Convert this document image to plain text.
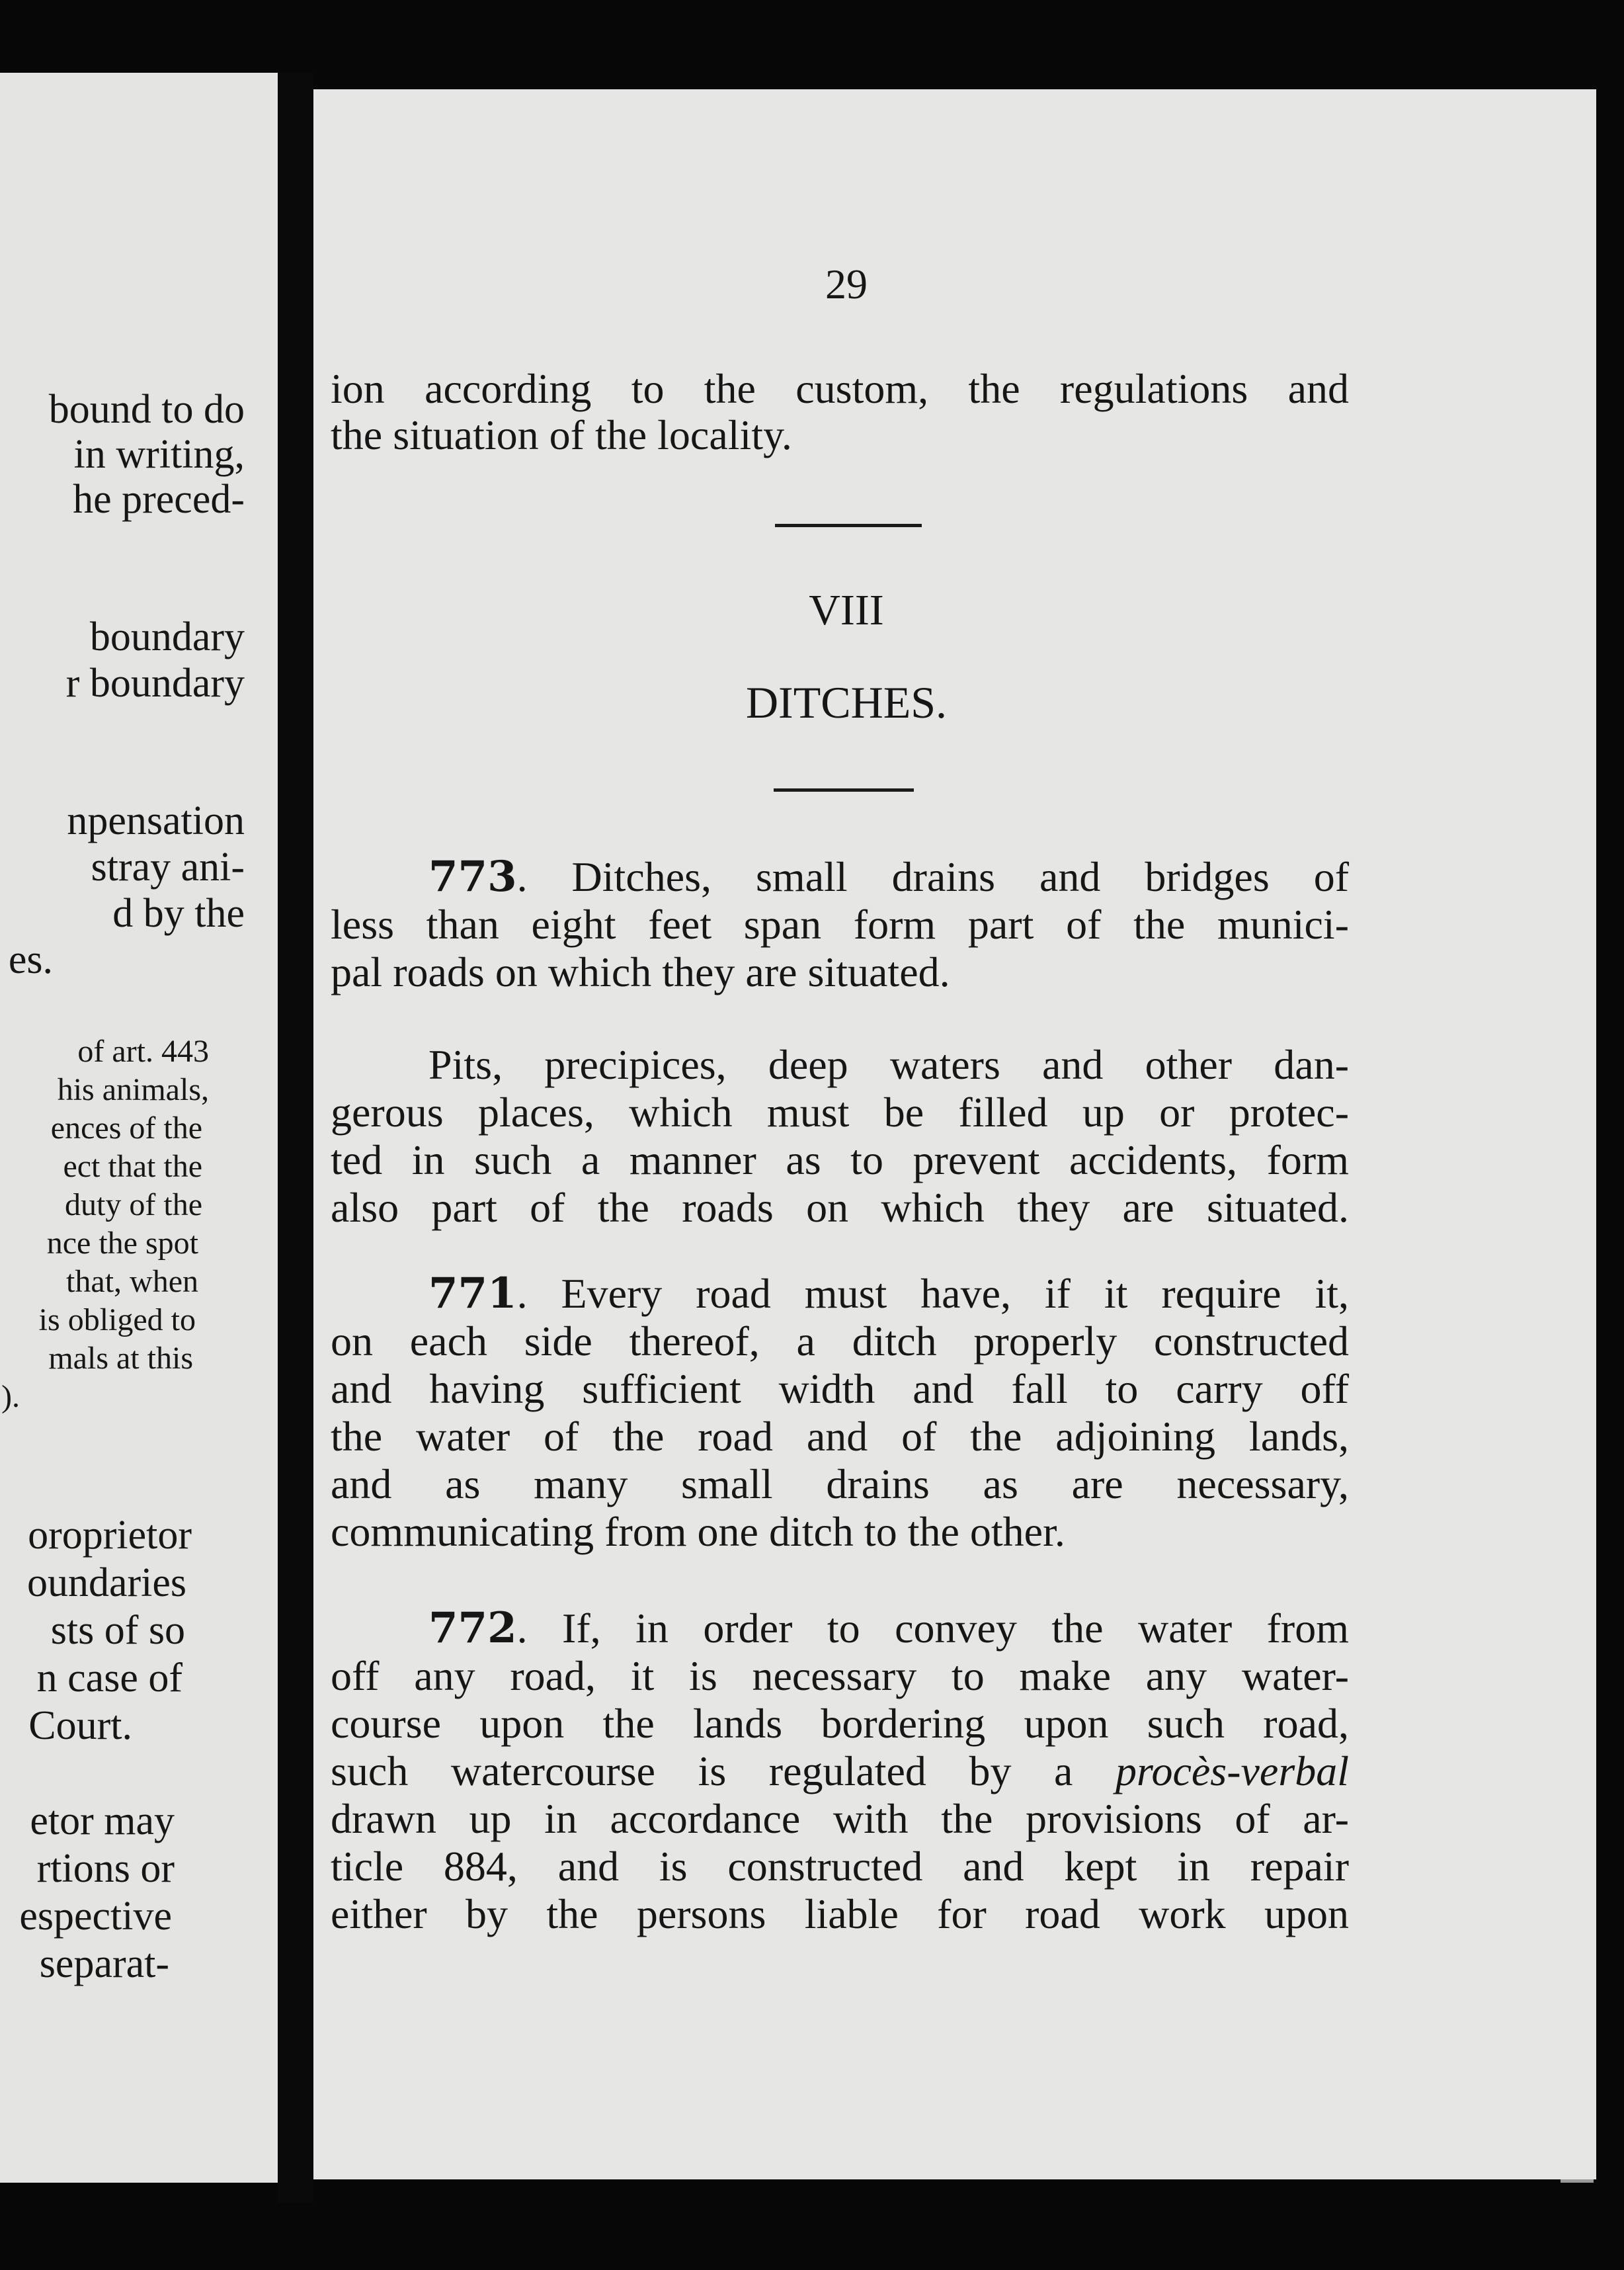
bound to do
in writing,
he preced-
boundary
r boundary
npensation
stray ani-
d by the
es.
of art. 443
his animals,
ences of the
ect that the
duty of the
nce the spot
that, when
is obliged to
mals at this
).
oroprietor
oundaries
sts of so
n case of
Court.
etor may
rtions or
espective
separat-
29
ion according to the custom, the regulations and
the situation of the locality.
VIII
DITCHES.
773. Ditches, small drains and bridges of
less than eight feet span form part of the munici-
pal roads on which they are situated.
Pits, precipices, deep waters and other dan-
gerous places, which must be filled up or protec-
ted in such a manner as to prevent accidents, form
also part of the roads on which they are situated.
771. Every road must have, if it require it,
on each side thereof, a ditch properly constructed
and having sufficient width and fall to carry off
the water of the road and of the adjoining lands,
and as many small drains as are necessary,
communicating from one ditch to the other.
772. If, in order to convey the water from
off any road, it is necessary to make any water-
course upon the lands bordering upon such road,
such watercourse is regulated by a procès-verbal
drawn up in accordance with the provisions of ar-
ticle 884, and is constructed and kept in repair
either by the persons liable for road work upon
